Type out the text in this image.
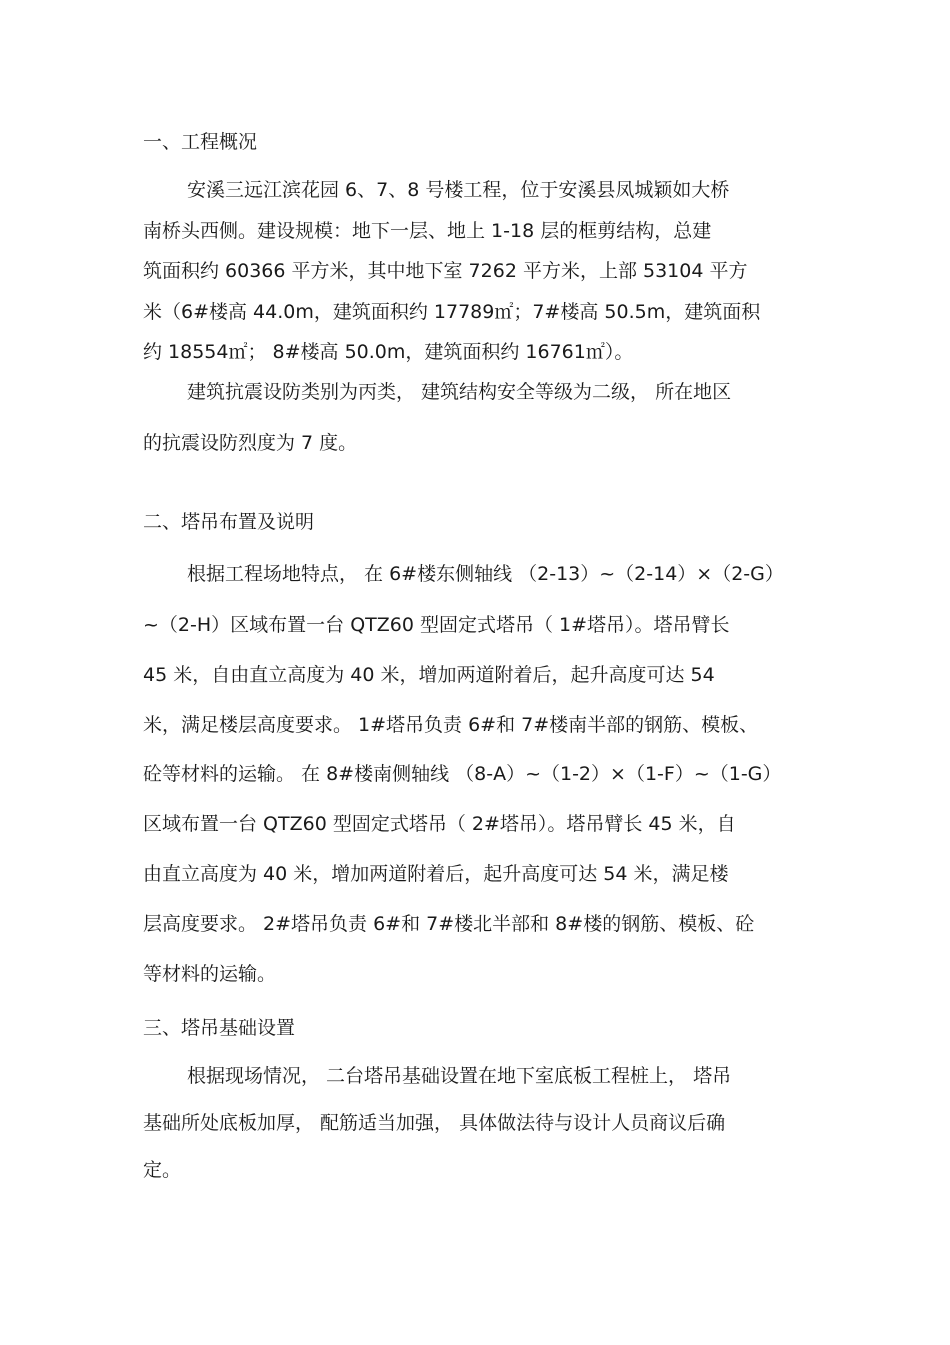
一、工程概况
安溪三远江滨花园 6、7、8 号楼工程，位于安溪县凤城颖如大桥
南桥头西侧。建设规模：地下一层、地上 1-18 层的框剪结构，总建
筑面积约 60366 平方米，其中地下室 7262 平方米，上部 53104 平方
米（6#楼高 44.0m，建筑面积约 17789㎡；7#楼高 50.5m，建筑面积
约 18554㎡； 8#楼高 50.0m，建筑面积约 16761㎡）。
建筑抗震设防类别为丙类， 建筑结构安全等级为二级， 所在地区
的抗震设防烈度为 7 度。
二、塔吊布置及说明
根据工程场地特点， 在 6#楼东侧轴线 （2-13）~（2-14）×（2-G）
~（2-H）区域布置一台 QTZ60 型固定式塔吊（ 1#塔吊）。塔吊臂长
45 米，自由直立高度为 40 米，增加两道附着后，起升高度可达 54
米，满足楼层高度要求。 1#塔吊负责 6#和 7#楼南半部的钢筋、模板、
砼等材料的运输。 在 8#楼南侧轴线 （8-A）~（1-2）×（1-F）~（1-G）
区域布置一台 QTZ60 型固定式塔吊（ 2#塔吊）。塔吊臂长 45 米，自
由直立高度为 40 米，增加两道附着后，起升高度可达 54 米，满足楼
层高度要求。 2#塔吊负责 6#和 7#楼北半部和 8#楼的钢筋、模板、砼
等材料的运输。
三、塔吊基础设置
根据现场情况， 二台塔吊基础设置在地下室底板工程桩上， 塔吊
基础所处底板加厚， 配筋适当加强， 具体做法待与设计人员商议后确
定。
